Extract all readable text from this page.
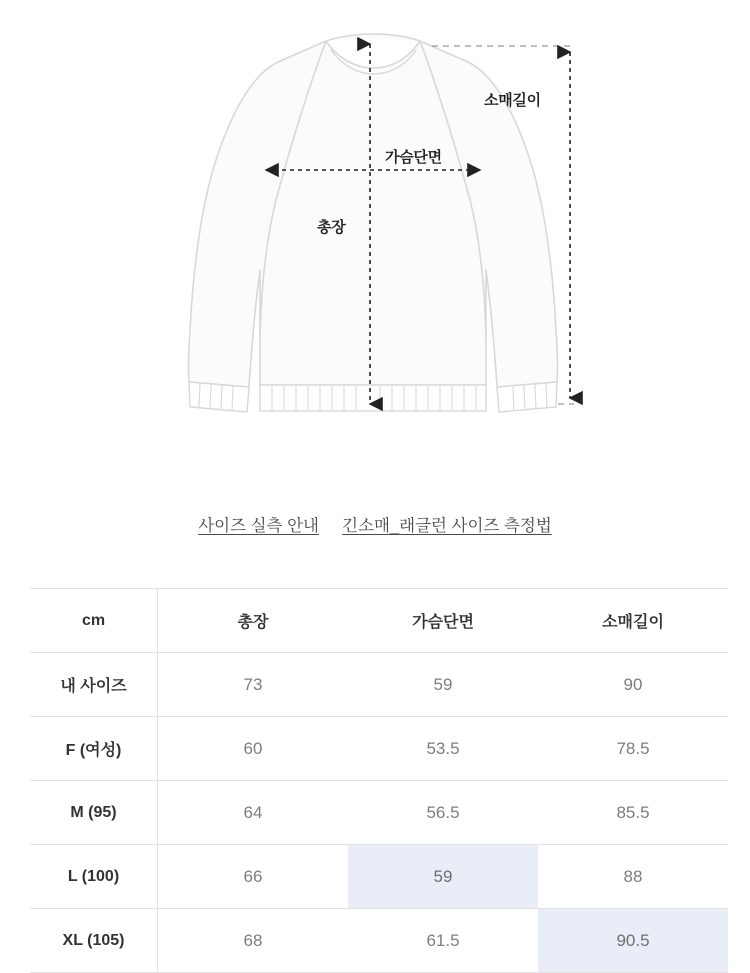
소매길이
가슴단면
총장
사이즈 실측 안내 긴소매_래글런 사이즈 측정법
cm	총장	가슴단면	소매길이
내 사이즈	73	59	90
F (여성)	60	53.5	78.5
M (95)	64	56.5	85.5
L (100)	66	59	88
XL (105)	68	61.5	90.5
